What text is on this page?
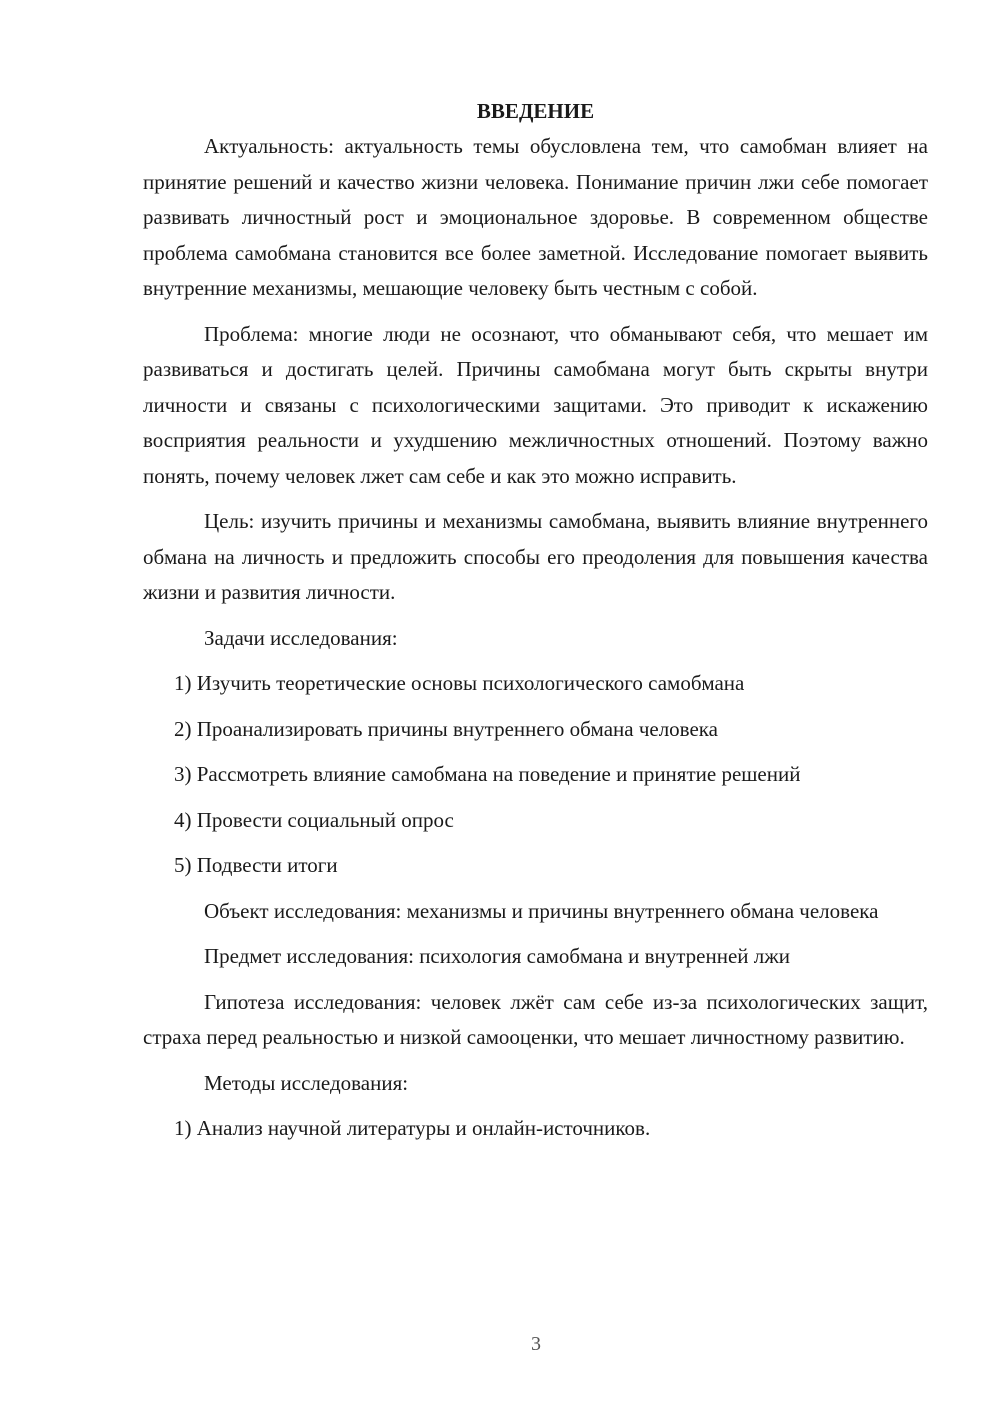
ВВЕДЕНИЕ

Актуальность: актуальность темы обусловлена тем, что самобман влияет на принятие решений и качество жизни человека. Понимание причин лжи себе помогает развивать личностный рост и эмоциональное здоровье. В современном обществе проблема самобмана становится все более заметной. Исследование помогает выявить внутренние механизмы, мешающие человеку быть честным с собой.

Проблема: многие люди не осознают, что обманывают себя, что мешает им развиваться и достигать целей. Причины самобмана могут быть скрыты внутри личности и связаны с психологическими защитами. Это приводит к искажению восприятия реальности и ухудшению межличностных отношений. Поэтому важно понять, почему человек лжет сам себе и как это можно исправить.

Цель: изучить причины и механизмы самобмана, выявить влияние внутреннего обмана на личность и предложить способы его преодоления для повышения качества жизни и развития личности.

Задачи исследования:

1) Изучить теоретические основы психологического самобмана

2) Проанализировать причины внутреннего обмана человека

3) Рассмотреть влияние самобмана на поведение и принятие решений

4) Провести социальный опрос

5) Подвести итоги

Объект исследования: механизмы и причины внутреннего обмана человека

Предмет исследования: психология самобмана и внутренней лжи

Гипотеза исследования: человек лжёт сам себе из-за психологических защит, страха перед реальностью и низкой самооценки, что мешает личностному развитию.

Методы исследования:

1) Анализ научной литературы и онлайн-источников.

3
